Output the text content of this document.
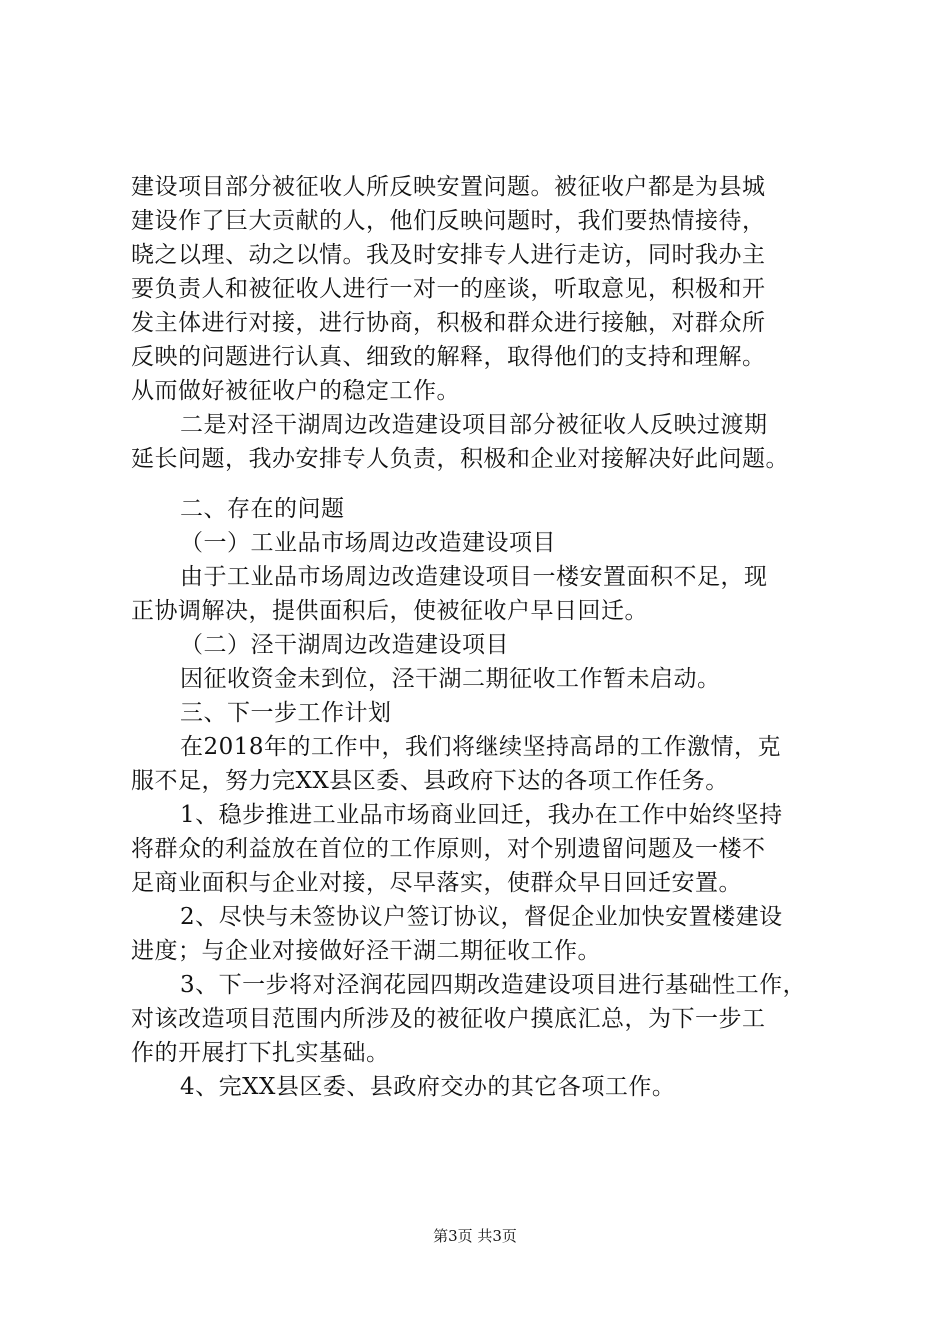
建设项目部分被征收人所反映安置问题。被征收户都是为县城
建设作了巨大贡献的人，他们反映问题时，我们要热情接待，
晓之以理、动之以情。我及时安排专人进行走访，同时我办主
要负责人和被征收人进行一对一的座谈，听取意见，积极和开
发主体进行对接，进行协商，积极和群众进行接触，对群众所
反映的问题进行认真、细致的解释，取得他们的支持和理解。
从而做好被征收户的稳定工作。
二是对泾干湖周边改造建设项目部分被征收人反映过渡期
延长问题，我办安排专人负责，积极和企业对接解决好此问题。
二、存在的问题
（一）工业品市场周边改造建设项目
由于工业品市场周边改造建设项目一楼安置面积不足，现
正协调解决，提供面积后，使被征收户早日回迁。
（二）泾干湖周边改造建设项目
因征收资金未到位，泾干湖二期征收工作暂未启动。
三、下一步工作计划
在2018年的工作中，我们将继续坚持高昂的工作激情，克
服不足，努力完XX县区委、县政府下达的各项工作任务。
1、稳步推进工业品市场商业回迁，我办在工作中始终坚持
将群众的利益放在首位的工作原则，对个别遗留问题及一楼不
足商业面积与企业对接，尽早落实，使群众早日回迁安置。
2、尽快与未签协议户签订协议，督促企业加快安置楼建设
进度；与企业对接做好泾干湖二期征收工作。
3、下一步将对泾润花园四期改造建设项目进行基础性工作，
对该改造项目范围内所涉及的被征收户摸底汇总，为下一步工
作的开展打下扎实基础。
4、完XX县区委、县政府交办的其它各项工作。
第3页 共3页
